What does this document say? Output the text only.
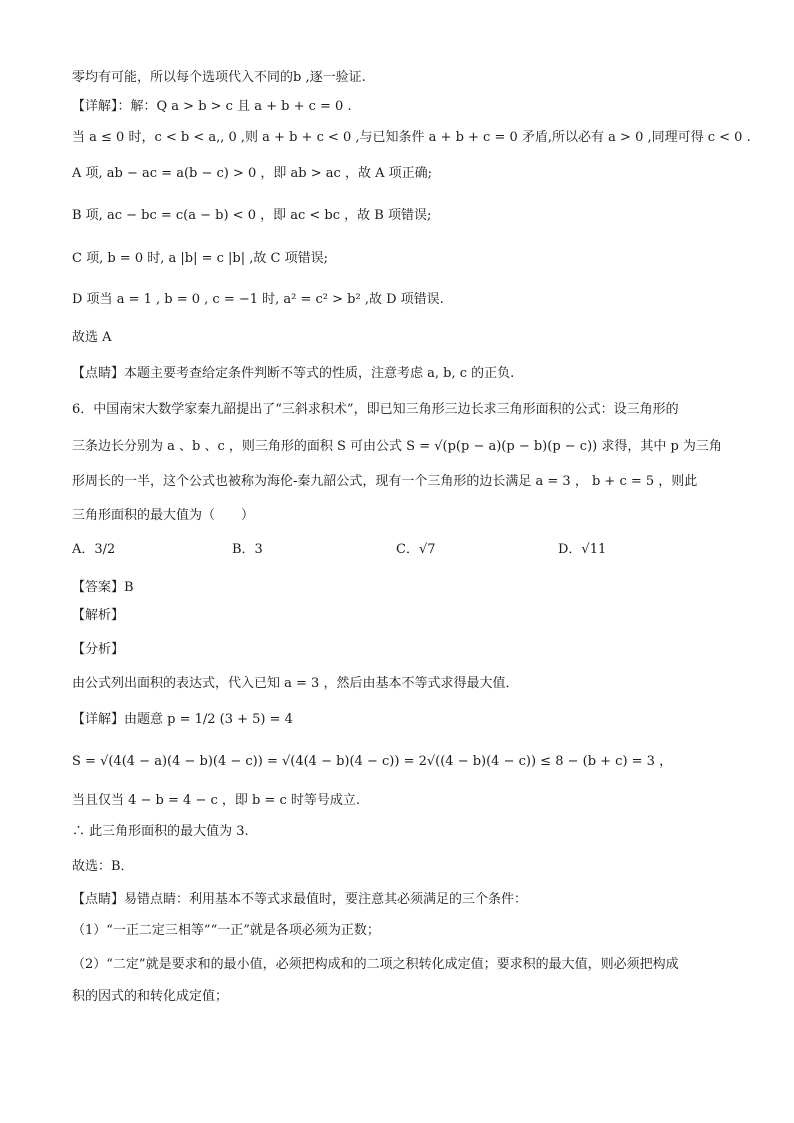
零均有可能，所以每个选项代入不同的b ,逐一验证.
【详解】：解：Q a > b > c 且 a + b + c = 0 .
当 a ≤ 0 时，c < b < a,, 0 ,则 a + b + c < 0 ,与已知条件 a + b + c = 0 矛盾,所以必有 a > 0 ,同理可得 c < 0 .
A 项, ab − ac = a(b − c) > 0 ，即 ab > ac ，故 A 项正确;
B 项, ac − bc = c(a − b) < 0 ，即 ac < bc ，故 B 项错误;
C 项, b = 0 时, a |b| = c |b| ,故 C 项错误;
D 项当 a = 1 , b = 0 , c = −1 时, a² = c² > b² ,故 D 项错误.
故选 A
【点睛】本题主要考查给定条件判断不等式的性质，注意考虑 a, b, c 的正负.
6．中国南宋大数学家秦九韶提出了“三斜求积术”，即已知三角形三边长求三角形面积的公式：设三角形的
三条边长分别为 a 、b 、c ，则三角形的面积 S 可由公式 S = √(p(p − a)(p − b)(p − c)) 求得，其中 p 为三角
形周长的一半，这个公式也被称为海伦-秦九韶公式，现有一个三角形的边长满足 a = 3 ， b + c = 5 ，则此
三角形面积的最大值为（　　）
A．3/2	B．3	C．√7	D．√11
【答案】B
【解析】
【分析】
由公式列出面积的表达式，代入已知 a = 3 ，然后由基本不等式求得最大值．
【详解】由题意 p = 1/2 (3 + 5) = 4
S = √(4(4 − a)(4 − b)(4 − c)) = √(4(4 − b)(4 − c)) = 2√((4 − b)(4 − c)) ≤ 8 − (b + c) = 3 ，
当且仅当 4 − b = 4 − c ，即 b = c 时等号成立.
∴ 此三角形面积的最大值为 3.
故选：B．
【点睛】易错点睛：利用基本不等式求最值时，要注意其必须满足的三个条件：
（1）“一正二定三相等”“一正”就是各项必须为正数；
（2）“二定”就是要求和的最小值，必须把构成和的二项之积转化成定值；要求积的最大值，则必须把构成
积的因式的和转化成定值；
